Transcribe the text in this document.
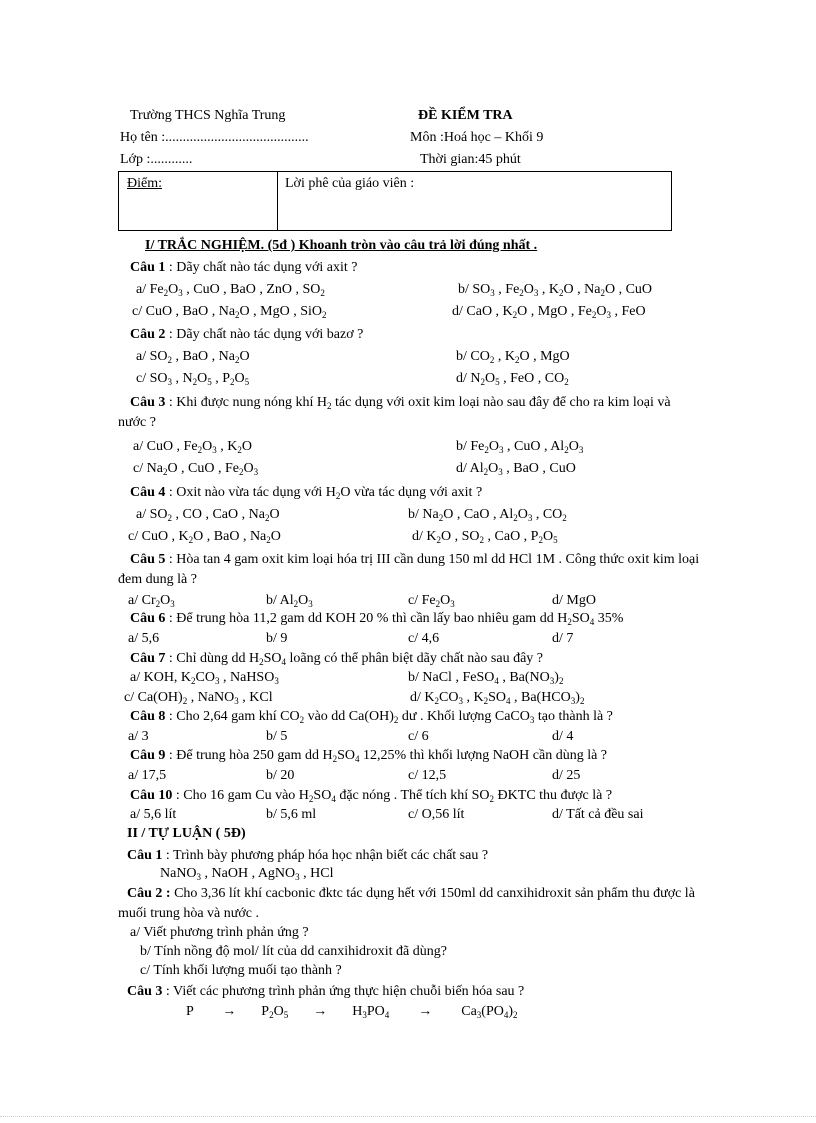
Trường THCS Nghĩa Trung	ĐỀ KIỂM TRA
Họ tên :.........................................	Môn :Hoá học – Khối 9
Lớp :............	Thời gian:45 phút
Điểm:	Lời phê của giáo viên :
I/ TRẮC NGHIỆM. (5đ ) Khoanh tròn vào câu trả lời đúng nhất .
Câu 1 : Dãy chất nào tác dụng với axit ?
a/ $Fe_2O_3$ , CuO , BaO , ZnO , $SO_2$	b/ $SO_3$ , $Fe_2O_3$ , $K_2O$ , $Na_2O$ , CuO
c/ CuO , BaO , $Na_2O$ , MgO , SiO$_2$	d/ CaO , $K_2O$ , MgO , $Fe_2O_3$ , FeO
Câu 2 : Dãy chất nào tác dụng với bazơ ?
a/ $SO_2$ , BaO , $Na_2O$	b/ $CO_2$ , $K_2O$ , MgO
c/ $SO_3$ , $N_2O_5$ , $P_2O_5$	d/ $N_2O_5$ , FeO , $CO_2$
Câu 3 : Khi được nung nóng khí $H_2$ tác dụng với oxit kim loại nào sau đây để cho ra kim loại và
nước ?
a/ CuO , $Fe_2O_3$ , $K_2O$	b/ $Fe_2O_3$ , CuO , $Al_2O_3$
c/ $Na_2O$ , CuO , $Fe_2O_3$	d/ $Al_2O_3$ , BaO , CuO
Câu 4 : Oxit nào vừa tác dụng với $H_2O$ vừa tác dụng với axit ?
a/ $SO_2$ , CO , CaO , $Na_2O$	b/ $Na_2O$ , CaO , $Al_2O_3$ , $CO_2$
c/ CuO , $K_2O$ , BaO , $Na_2O$	d/ $K_2O$ , $SO_2$ , CaO , $P_2O_5$
Câu 5 : Hòa tan 4 gam oxit kim loại hóa trị III cần dung 150 ml dd HCl 1M . Công thức oxit kim loại
đem dung là ?
a/ $Cr_2O_3$	b/ $Al_2O_3$	c/ $Fe_2O_3$	d/ MgO
Câu 6 : Để trung hòa 11,2 gam dd KOH 20 % thì cần lấy bao nhiêu gam dd $H_2SO_4$ 35%
a/ 5,6	b/ 9	c/ 4,6	d/ 7
Câu 7 : Chỉ dùng dd $H_2SO_4$ loãng có thể phân biệt dãy chất nào sau đây ?
a/ KOH, $K_2CO_3$ , NaHSO$_3$	b/ NaCl , FeSO$_4$ , $Ba(NO_3)_2$
c/ $Ca(OH)_2$ , NaNO$_3$ , KCl	d/ $K_2CO_3$ , $K_2SO_4$ , $Ba(HCO_3)_2$
Câu 8 : Cho 2,64 gam khí $CO_2$ vào dd $Ca(OH)_2$ dư . Khối lượng CaCO$_3$ tạo thành là ?
a/ 3	b/ 5	c/ 6	d/ 4
Câu 9 : Để trung hòa 250 gam dd $H_2SO_4$ 12,25% thì khối lượng NaOH cần dùng là ?
a/ 17,5	b/ 20	c/ 12,5	d/ 25
Câu 10 : Cho 16 gam Cu vào $H_2SO_4$ đặc nóng . Thể tích khí $SO_2$ ĐKTC thu được là ?
a/ 5,6 lít	b/ 5,6 ml	c/ O,56 lít	d/ Tất cả đều sai
II / TỰ LUẬN ( 5Đ)
Câu 1 : Trình bày phương pháp hóa học nhận biết các chất sau ?
NaNO$_3$ , NaOH , AgNO$_3$ , HCl
Câu 2 : Cho 3,36 lít khí cacbonic đktc tác dụng hết với 150ml dd canxihidroxit sản phẩm thu được là
muối trung hòa và nước .
a/ Viết phương trình phản ứng ?
b/ Tính nồng độ mol/ lít của dd canxihidroxit đã dùng?
c/ Tính khối lượng muối tạo thành ?
Câu 3 : Viết các phương trình phản ứng thực hiện chuỗi biến hóa sau ?
$P \to P_2O_5 \to H_3PO_4 \to Ca_3(PO_4)_2$
